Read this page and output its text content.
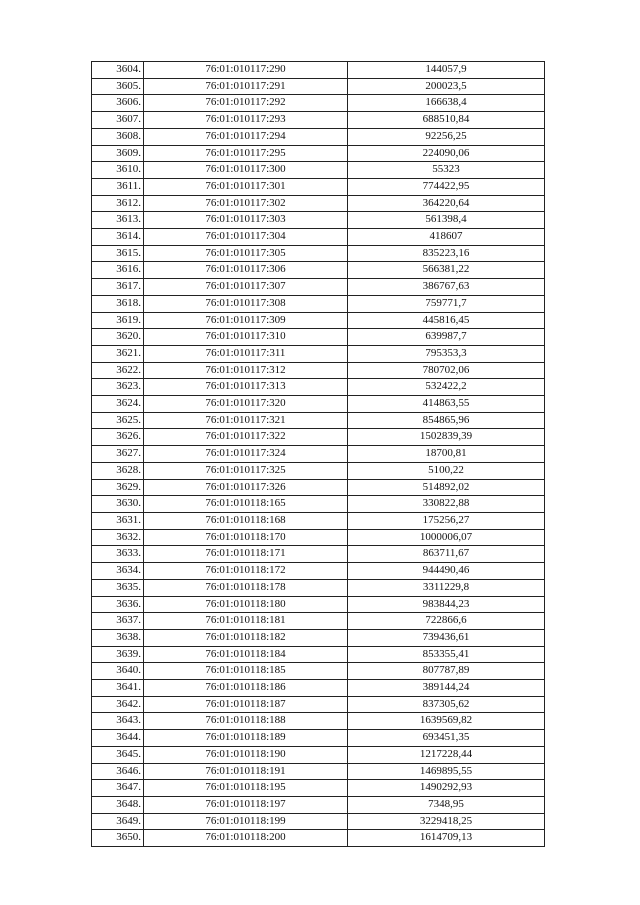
3604.	76:01:010117:290	144057,9
3605.	76:01:010117:291	200023,5
3606.	76:01:010117:292	166638,4
3607.	76:01:010117:293	688510,84
3608.	76:01:010117:294	92256,25
3609.	76:01:010117:295	224090,06
3610.	76:01:010117:300	55323
3611.	76:01:010117:301	774422,95
3612.	76:01:010117:302	364220,64
3613.	76:01:010117:303	561398,4
3614.	76:01:010117:304	418607
3615.	76:01:010117:305	835223,16
3616.	76:01:010117:306	566381,22
3617.	76:01:010117:307	386767,63
3618.	76:01:010117:308	759771,7
3619.	76:01:010117:309	445816,45
3620.	76:01:010117:310	639987,7
3621.	76:01:010117:311	795353,3
3622.	76:01:010117:312	780702,06
3623.	76:01:010117:313	532422,2
3624.	76:01:010117:320	414863,55
3625.	76:01:010117:321	854865,96
3626.	76:01:010117:322	1502839,39
3627.	76:01:010117:324	18700,81
3628.	76:01:010117:325	5100,22
3629.	76:01:010117:326	514892,02
3630.	76:01:010118:165	330822,88
3631.	76:01:010118:168	175256,27
3632.	76:01:010118:170	1000006,07
3633.	76:01:010118:171	863711,67
3634.	76:01:010118:172	944490,46
3635.	76:01:010118:178	3311229,8
3636.	76:01:010118:180	983844,23
3637.	76:01:010118:181	722866,6
3638.	76:01:010118:182	739436,61
3639.	76:01:010118:184	853355,41
3640.	76:01:010118:185	807787,89
3641.	76:01:010118:186	389144,24
3642.	76:01:010118:187	837305,62
3643.	76:01:010118:188	1639569,82
3644.	76:01:010118:189	693451,35
3645.	76:01:010118:190	1217228,44
3646.	76:01:010118:191	1469895,55
3647.	76:01:010118:195	1490292,93
3648.	76:01:010118:197	7348,95
3649.	76:01:010118:199	3229418,25
3650.	76:01:010118:200	1614709,13
